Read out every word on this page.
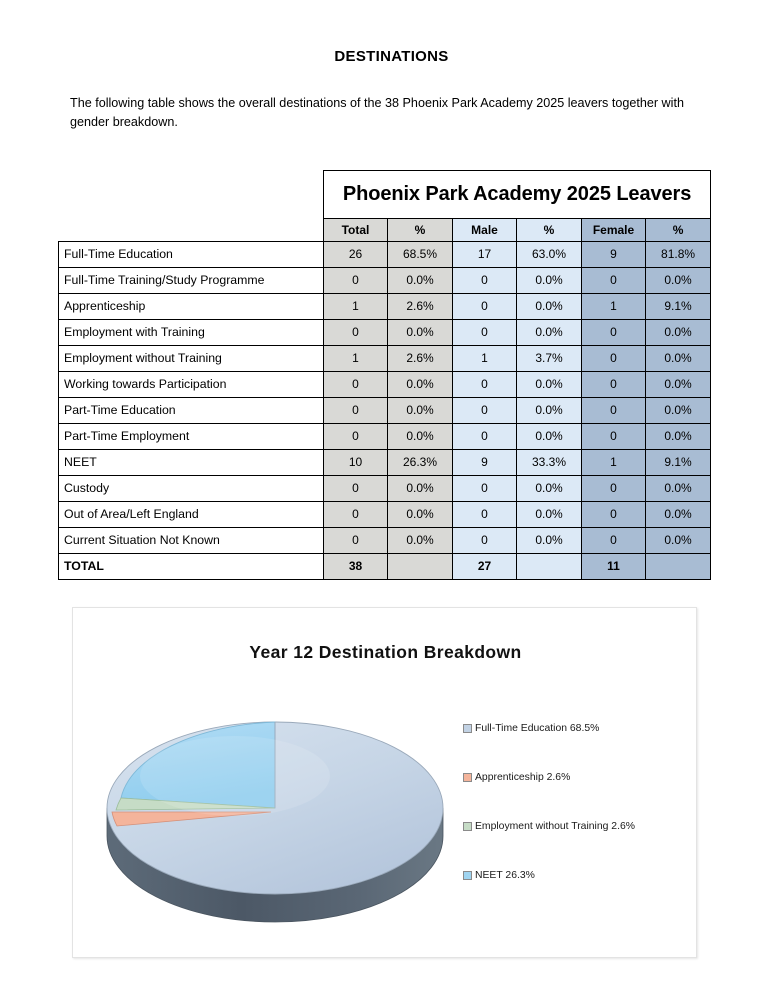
DESTINATIONS
The following table shows the overall destinations of the 38 Phoenix Park Academy 2025 leavers together with gender breakdown.
	Phoenix Park Academy 2025 Leavers					
	Total	%	Male	%	Female	%
Full-Time Education	26	68.5%	17	63.0%	9	81.8%
Full-Time Training/Study Programme	0	0.0%	0	0.0%	0	0.0%
Apprenticeship	1	2.6%	0	0.0%	1	9.1%
Employment with Training	0	0.0%	0	0.0%	0	0.0%
Employment without Training	1	2.6%	1	3.7%	0	0.0%
Working towards Participation	0	0.0%	0	0.0%	0	0.0%
Part-Time Education	0	0.0%	0	0.0%	0	0.0%
Part-Time Employment	0	0.0%	0	0.0%	0	0.0%
NEET	10	26.3%	9	33.3%	1	9.1%
Custody	0	0.0%	0	0.0%	0	0.0%
Out of Area/Left England	0	0.0%	0	0.0%	0	0.0%
Current Situation Not Known	0	0.0%	0	0.0%	0	0.0%
TOTAL	38		27		11	
Year 12 Destination Breakdown
Full-Time Education 68.5%
Apprenticeship 2.6%
Employment without Training 2.6%
NEET 26.3%
